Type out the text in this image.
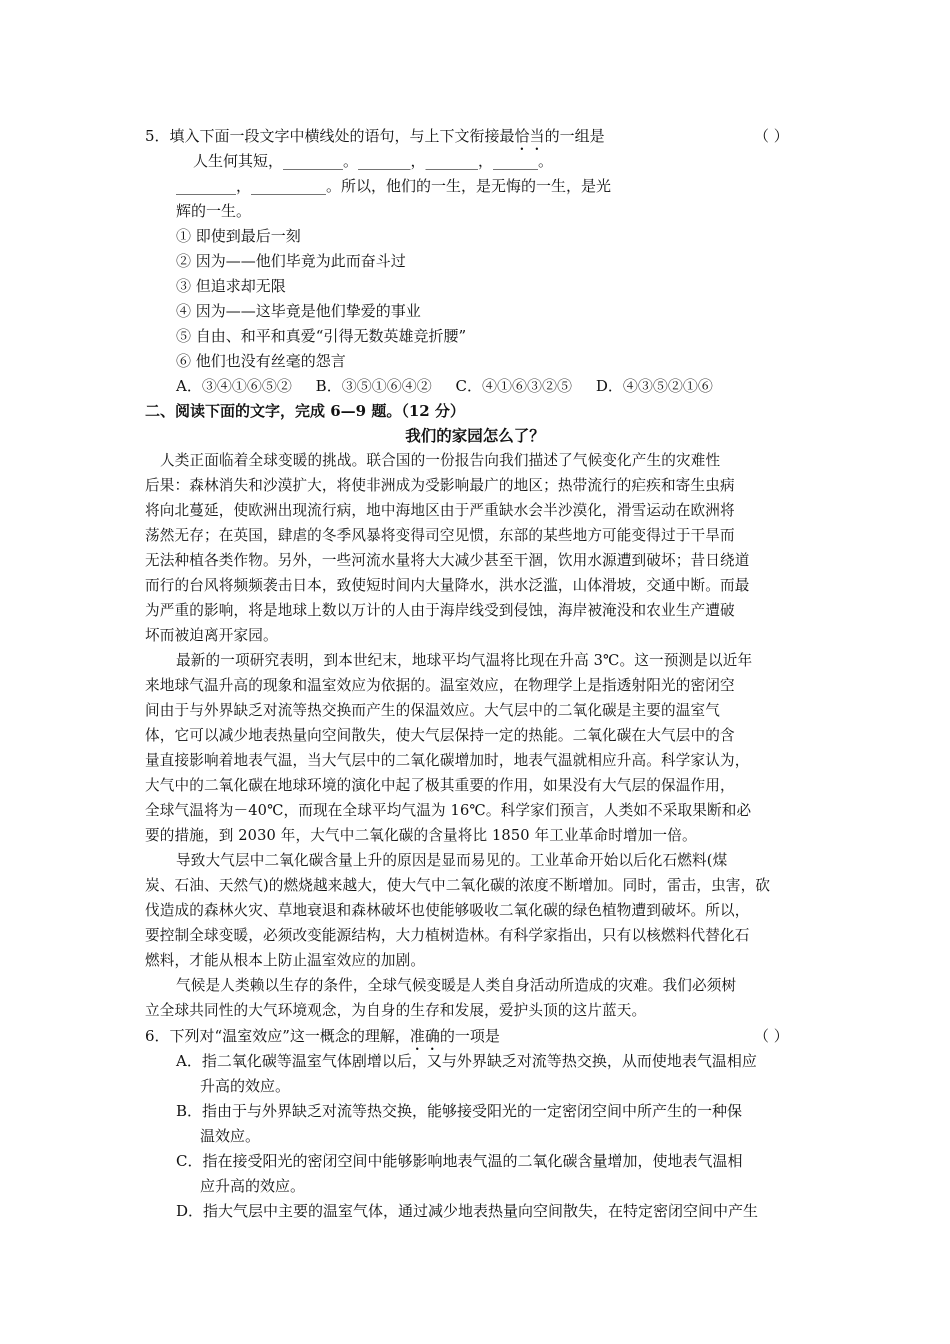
5．填入下面一段文字中横线处的语句，与上下文衔接最恰当的一组是	（ ）
人生何其短，________。_______，_______，______。
________，__________。所以，他们的一生，是无悔的一生，是光
辉的一生。
① 即使到最后一刻
② 因为——他们毕竟为此而奋斗过
③ 但追求却无限
④ 因为——这毕竟是他们挚爱的事业
⑤ 自由、和平和真爱“引得无数英雄竞折腰”
⑥ 他们也没有丝毫的怨言
A．③④①⑥⑤②     B．③⑤①⑥④②     C．④①⑥③②⑤     D．④③⑤②①⑥
二、阅读下面的文字，完成 6—9 题。（12 分）
我们的家园怎么了？
人类正面临着全球变暖的挑战。联合国的一份报告向我们描述了气候变化产生的灾难性
后果：森林消失和沙漠扩大，将使非洲成为受影响最广的地区；热带流行的疟疾和寄生虫病
将向北蔓延，使欧洲出现流行病，地中海地区由于严重缺水会半沙漠化，滑雪运动在欧洲将
荡然无存；在英国，肆虐的冬季风暴将变得司空见惯，东部的某些地方可能变得过于干旱而
无法种植各类作物。另外，一些河流水量将大大减少甚至干涸，饮用水源遭到破坏；昔日绕道
而行的台风将频频袭击日本，致使短时间内大量降水，洪水泛滥，山体滑坡，交通中断。而最
为严重的影响，将是地球上数以万计的人由于海岸线受到侵蚀，海岸被淹没和农业生产遭破
坏而被迫离开家园。
最新的一项研究表明，到本世纪末，地球平均气温将比现在升高 3℃。这一预测是以近年
来地球气温升高的现象和温室效应为依据的。温室效应，在物理学上是指透射阳光的密闭空
间由于与外界缺乏对流等热交换而产生的保温效应。大气层中的二氧化碳是主要的温室气
体，它可以减少地表热量向空间散失，使大气层保持一定的热能。二氧化碳在大气层中的含
量直接影响着地表气温，当大气层中的二氧化碳增加时，地表气温就相应升高。科学家认为，
大气中的二氧化碳在地球环境的演化中起了极其重要的作用，如果没有大气层的保温作用，
全球气温将为－40℃，而现在全球平均气温为 16℃。科学家们预言，人类如不采取果断和必
要的措施，到 2030 年，大气中二氧化碳的含量将比 1850 年工业革命时增加一倍。
导致大气层中二氧化碳含量上升的原因是显而易见的。工业革命开始以后化石燃料(煤
炭、石油、天然气)的燃烧越来越大，使大气中二氧化碳的浓度不断增加。同时，雷击，虫害，砍
伐造成的森林火灾、草地衰退和森林破坏也使能够吸收二氧化碳的绿色植物遭到破坏。所以，
要控制全球变暖，必须改变能源结构，大力植树造林。有科学家指出，只有以核燃料代替化石
燃料，才能从根本上防止温室效应的加剧。
气候是人类赖以生存的条件，全球气候变暖是人类自身活动所造成的灾难。我们必须树
立全球共同性的大气环境观念，为自身的生存和发展，爱护头顶的这片蓝天。
6．下列对“温室效应”这一概念的理解，准确的一项是	（ ）
A．指二氧化碳等温室气体剧增以后，又与外界缺乏对流等热交换，从而使地表气温相应
升高的效应。
B．指由于与外界缺乏对流等热交换，能够接受阳光的一定密闭空间中所产生的一种保
温效应。
C．指在接受阳光的密闭空间中能够影响地表气温的二氧化碳含量增加，使地表气温相
应升高的效应。
D．指大气层中主要的温室气体，通过减少地表热量向空间散失，在特定密闭空间中产生
